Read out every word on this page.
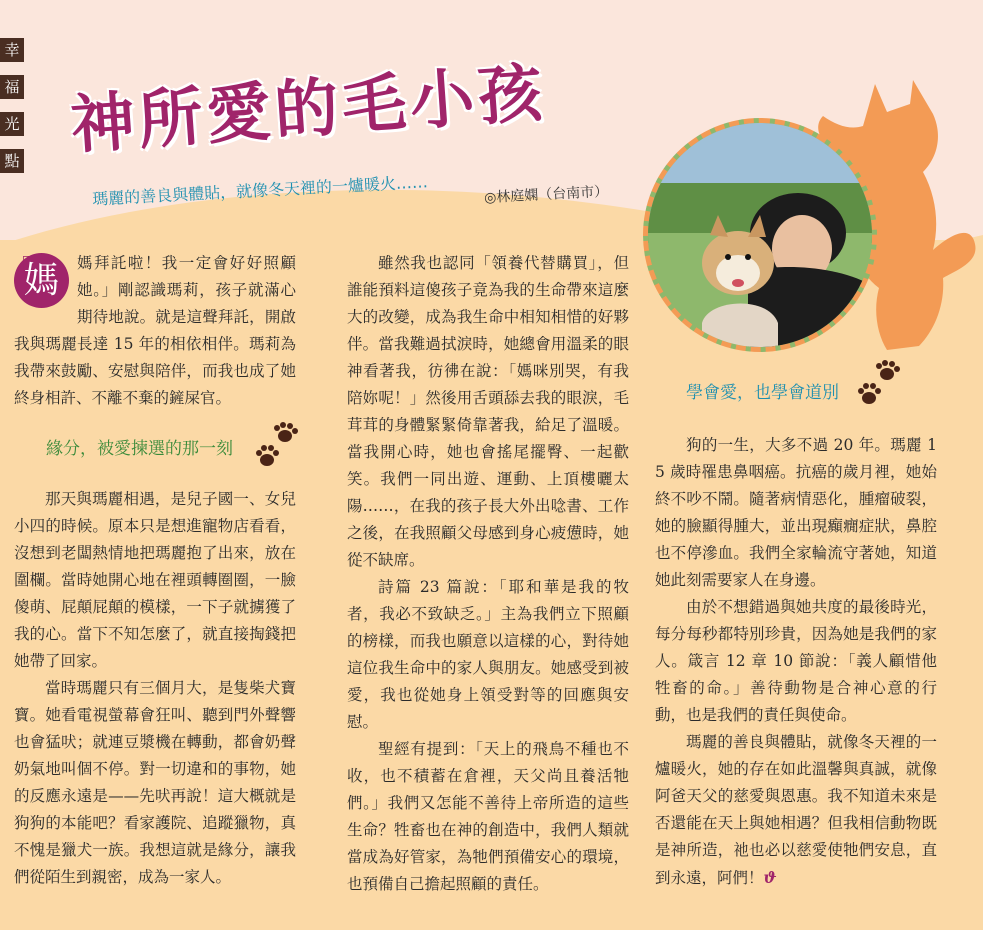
幸
福
光
點 神所愛的毛小孩
瑪麗的善良與體貼，就像冬天裡的一爐暖火……	◎林庭嫻（台南市）
「
媽	媽拜託啦！我一定會好好照顧她。」剛認識瑪莉，孩子就滿心期待地說。就是這聲拜託，開啟我與瑪麗長達 15 年的相依相伴。瑪莉為我帶來鼓勵、安慰與陪伴，而我也成了她終身相許、不離不棄的鏟屎官。

緣分，被愛揀選的那一刻

那天與瑪麗相遇，是兒子國一、女兒小四的時候。原本只是想進寵物店看看，沒想到老闆熱情地把瑪麗抱了出來，放在圍欄。當時她開心地在裡頭轉圈圈，一臉傻萌、屁顛屁顛的模樣，一下子就擄獲了我的心。當下不知怎麼了，就直接掏錢把她帶了回家。

當時瑪麗只有三個月大，是隻柴犬寶寶。她看電視螢幕會狂叫、聽到門外聲響也會猛吠；就連豆漿機在轉動，都會奶聲奶氣地叫個不停。對一切違和的事物，她的反應永遠是——先吠再說！這大概就是狗狗的本能吧？看家護院、追蹤獵物，真不愧是獵犬一族。我想這就是緣分，讓我們從陌生到親密，成為一家人。

雖然我也認同「領養代替購買」，但誰能預料這傻孩子竟為我的生命帶來這麼大的改變，成為我生命中相知相惜的好夥伴。當我難過拭淚時，她總會用溫柔的眼神看著我，彷彿在說：「媽咪別哭，有我陪妳呢！」然後用舌頭舔去我的眼淚，毛茸茸的身體緊緊倚靠著我，給足了溫暖。當我開心時，她也會搖尾擺臀、一起歡笑。我們一同出遊、運動、上頂樓曬太陽……，在我的孩子長大外出唸書、工作之後，在我照顧父母感到身心疲憊時，她從不缺席。

詩篇 23 篇說：「耶和華是我的牧者，我必不致缺乏。」主為我們立下照顧的榜樣，而我也願意以這樣的心，對待她這位我生命中的家人與朋友。她感受到被愛，我也從她身上領受對等的回應與安慰。

聖經有提到：「天上的飛鳥不種也不收，也不積蓄在倉裡，天父尚且養活牠們。」我們又怎能不善待上帝所造的這些生命？牲畜也在神的創造中，我們人類就當成為好管家，為牠們預備安心的環境，也預備自己擔起照顧的責任。

學會愛，也學會道別

狗的一生，大多不過 20 年。瑪麗 15 歲時罹患鼻咽癌。抗癌的歲月裡，她始終不吵不鬧。隨著病情惡化，腫瘤破裂，她的臉顯得腫大，並出現癲癇症狀，鼻腔也不停滲血。我們全家輪流守著她，知道她此刻需要家人在身邊。

由於不想錯過與她共度的最後時光，每分每秒都特別珍貴，因為她是我們的家人。箴言 12 章 10 節說：「義人顧惜他牲畜的命。」善待動物是合神心意的行動，也是我們的責任與使命。

瑪麗的善良與體貼，就像冬天裡的一爐暖火，她的存在如此溫馨與真誠，就像阿爸天父的慈愛與恩惠。我不知道未來是否還能在天上與她相遇？但我相信動物既是神所造，祂也必以慈愛使牠們安息，直到永遠，阿們！ϑ
